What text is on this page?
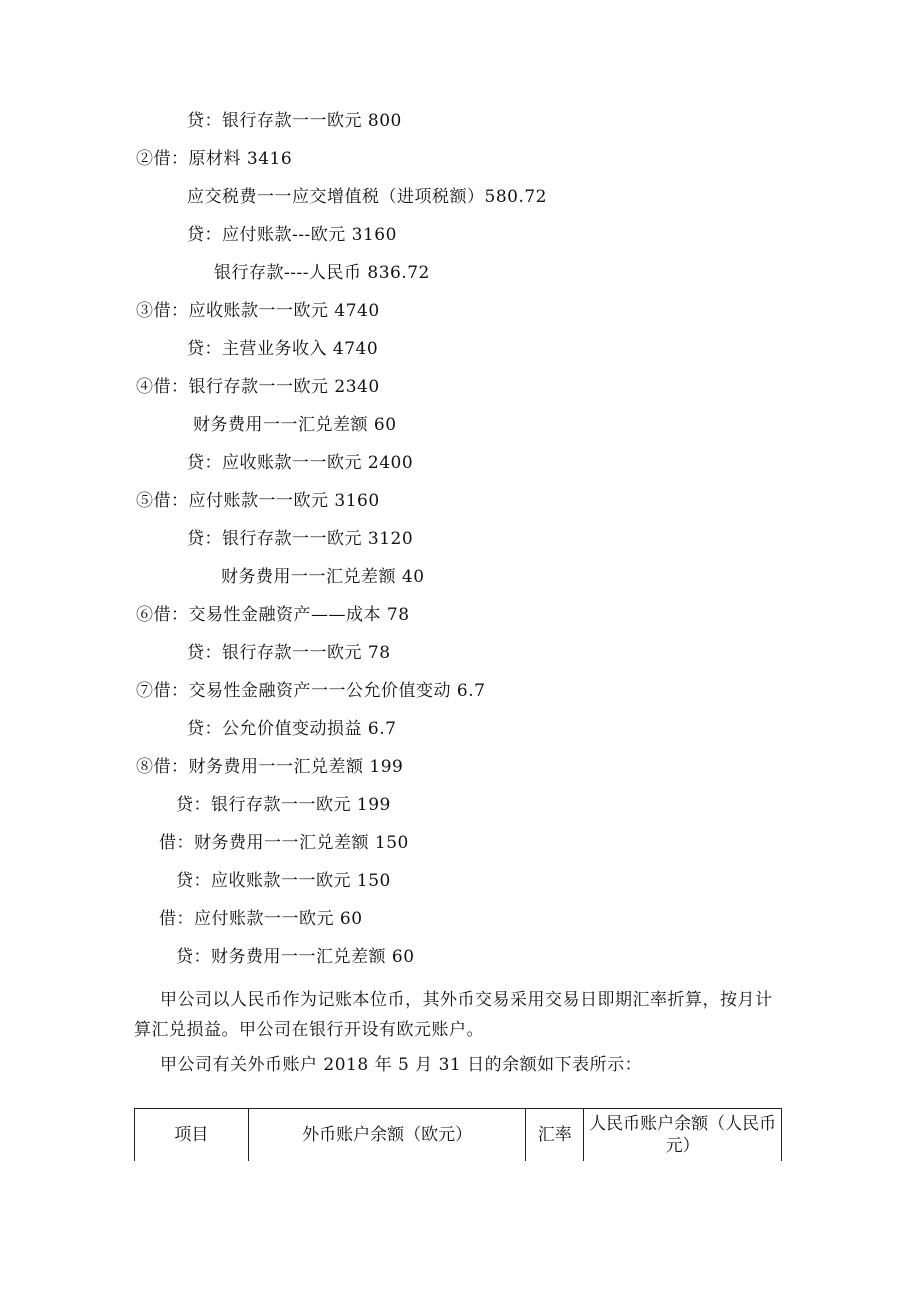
贷：银行存款一一欧元 800
②借：原材料 3416
应交税费一一应交增值税（进项税额）580.72
贷：应付账款---欧元 3160
银行存款----人民币 836.72
③借：应收账款一一欧元 4740
贷：主营业务收入 4740
④借：银行存款一一欧元 2340
财务费用一一汇兑差额 60
贷：应收账款一一欧元 2400
⑤借：应付账款一一欧元 3160
贷：银行存款一一欧元 3120
财务费用一一汇兑差额 40
⑥借：交易性金融资产——成本 78
贷：银行存款一一欧元 78
⑦借：交易性金融资产一一公允价值变动 6.7
贷：公允价值变动损益 6.7
⑧借：财务费用一一汇兑差额 199
贷：银行存款一一欧元 199
借：财务费用一一汇兑差额 150
贷：应收账款一一欧元 150
借：应付账款一一欧元 60
贷：财务费用一一汇兑差额 60
甲公司以人民币作为记账本位币，其外币交易采用交易日即期汇率折算，按月计算汇兑损益。甲公司在银行开设有欧元账户。
甲公司有关外币账户 2018 年 5 月 31 日的余额如下表所示：
项目	外币账户余额（欧元）	汇率	人民币账户余额（人民币元）
